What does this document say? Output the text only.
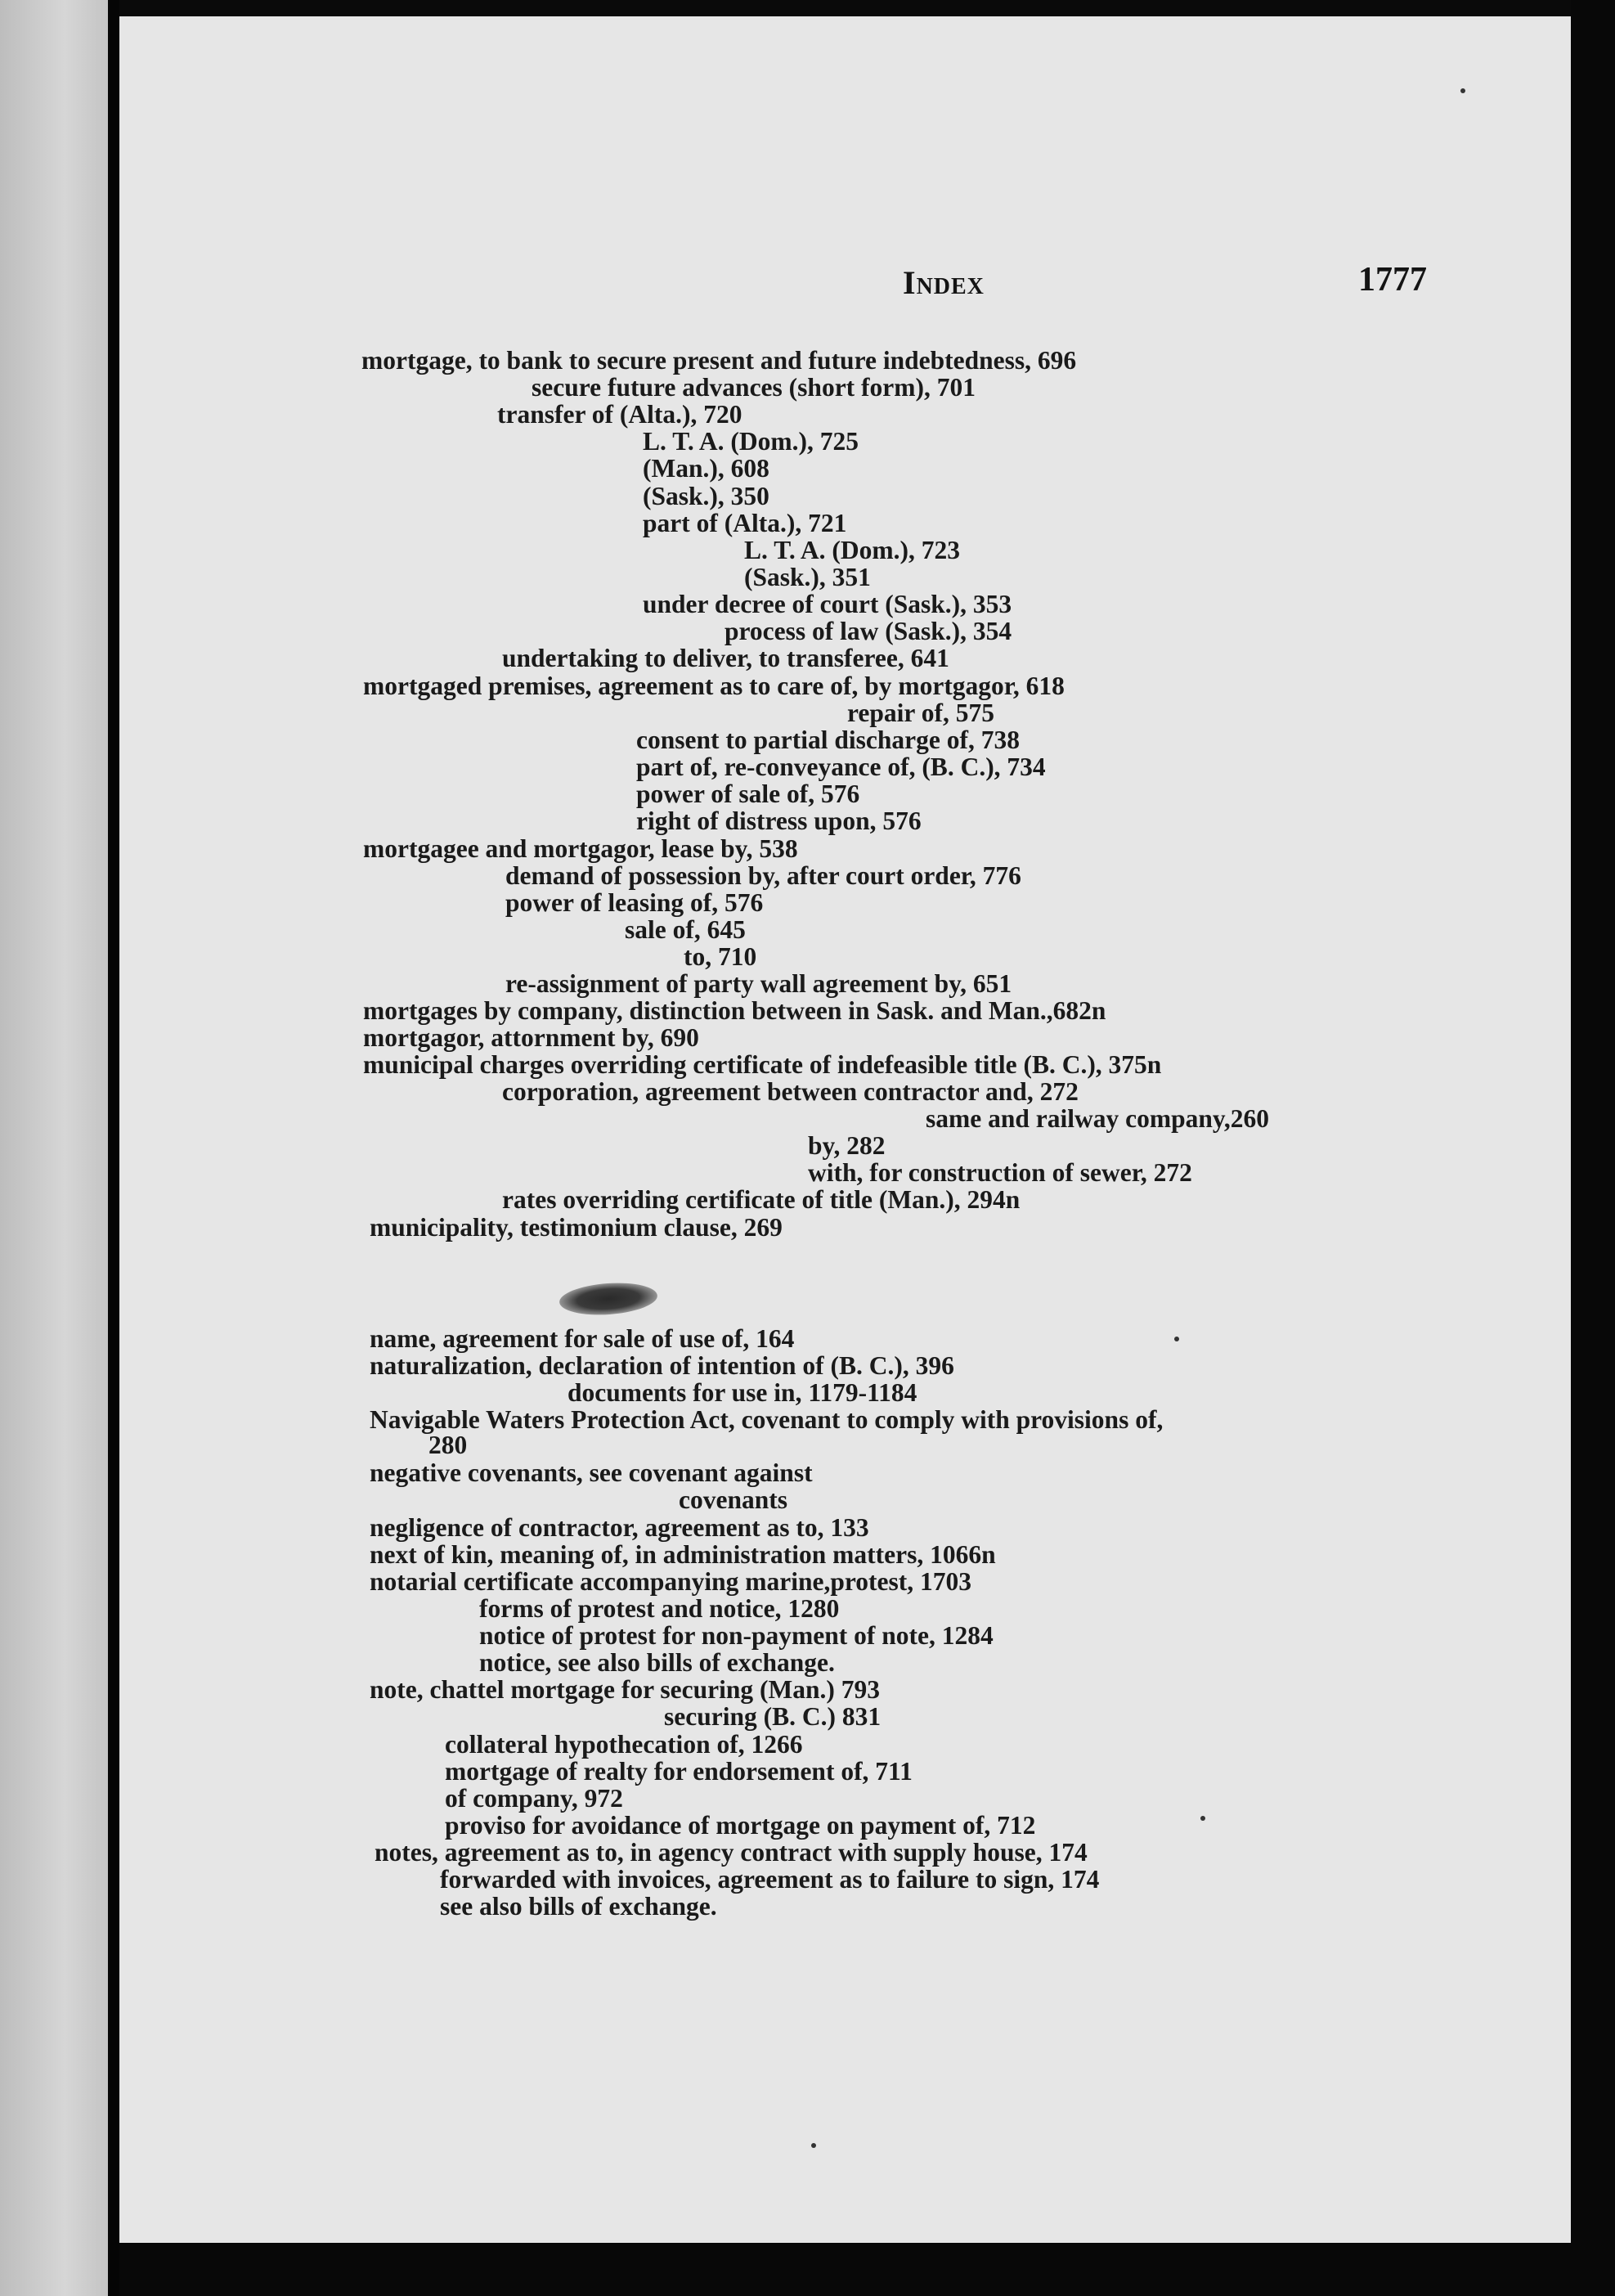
Index	1777
mortgage, to bank to secure present and future indebtedness, 696
secure future advances (short form), 701
transfer of (Alta.), 720
L. T. A. (Dom.), 725
(Man.), 608
(Sask.), 350
part of (Alta.), 721
L. T. A. (Dom.), 723
(Sask.), 351
under decree of court (Sask.), 353
process of law (Sask.), 354
undertaking to deliver, to transferee, 641
mortgaged premises, agreement as to care of, by mortgagor, 618
repair of, 575
consent to partial discharge of, 738
part of, re-conveyance of, (B. C.), 734
power of sale of, 576
right of distress upon, 576
mortgagee and mortgagor, lease by, 538
demand of possession by, after court order, 776
power of leasing of, 576
sale of, 645
to, 710
re-assignment of party wall agreement by, 651
mortgages by company, distinction between in Sask. and Man.,682n
mortgagor, attornment by, 690
municipal charges overriding certificate of indefeasible title (B. C.), 375n
corporation, agreement between contractor and, 272
same and railway company,260
by, 282
with, for construction of sewer, 272
rates overriding certificate of title (Man.), 294n
municipality, testimonium clause, 269
name, agreement for sale of use of, 164
naturalization, declaration of intention of (B. C.), 396
documents for use in, 1179-1184
Navigable Waters Protection Act, covenant to comply with provisions of,
280
negative covenants, see covenant against
covenants
negligence of contractor, agreement as to, 133
next of kin, meaning of, in administration matters, 1066n
notarial certificate accompanying marine,protest, 1703
forms of protest and notice, 1280
notice of protest for non-payment of note, 1284
notice, see also bills of exchange.
note, chattel mortgage for securing (Man.) 793
securing (B. C.) 831
collateral hypothecation of, 1266
mortgage of realty for endorsement of, 711
of company, 972
proviso for avoidance of mortgage on payment of, 712
notes, agreement as to, in agency contract with supply house, 174
forwarded with invoices, agreement as to failure to sign, 174
see also bills of exchange.
